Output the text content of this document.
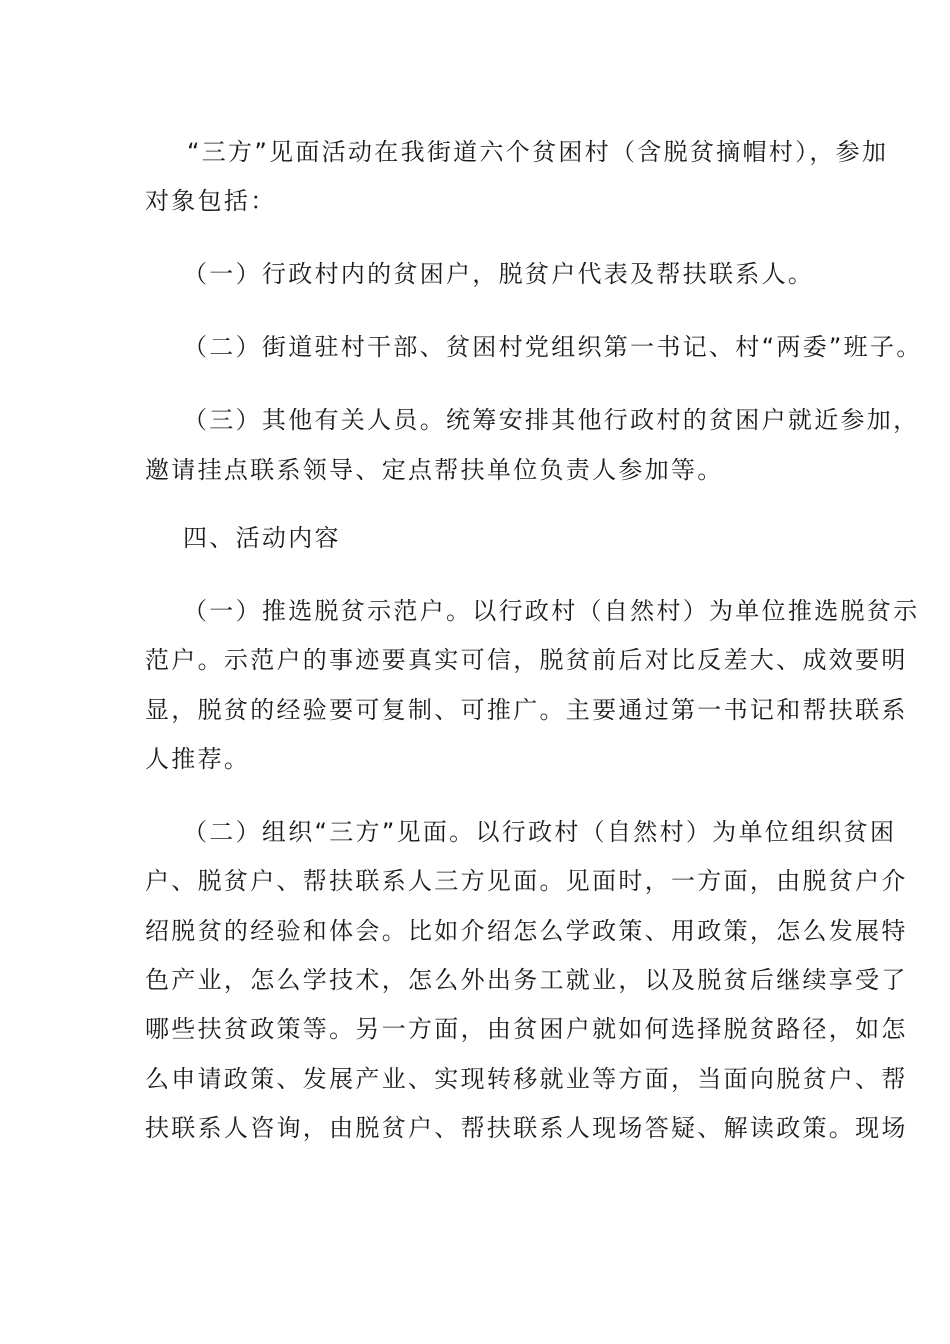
“三方”见面活动在我街道六个贫困村（含脱贫摘帽村），参加
对象包括：
（一）行政村内的贫困户，脱贫户代表及帮扶联系人。
（二）街道驻村干部、贫困村党组织第一书记、村“两委”班子。
（三）其他有关人员。统筹安排其他行政村的贫困户就近参加，
邀请挂点联系领导、定点帮扶单位负责人参加等。
四、活动内容
（一）推选脱贫示范户。以行政村（自然村）为单位推选脱贫示
范户。示范户的事迹要真实可信，脱贫前后对比反差大、成效要明
显，脱贫的经验要可复制、可推广。主要通过第一书记和帮扶联系
人推荐。
（二）组织“三方”见面。以行政村（自然村）为单位组织贫困
户、脱贫户、帮扶联系人三方见面。见面时，一方面，由脱贫户介
绍脱贫的经验和体会。比如介绍怎么学政策、用政策，怎么发展特
色产业，怎么学技术，怎么外出务工就业，以及脱贫后继续享受了
哪些扶贫政策等。另一方面，由贫困户就如何选择脱贫路径，如怎
么申请政策、发展产业、实现转移就业等方面，当面向脱贫户、帮
扶联系人咨询，由脱贫户、帮扶联系人现场答疑、解读政策。现场
